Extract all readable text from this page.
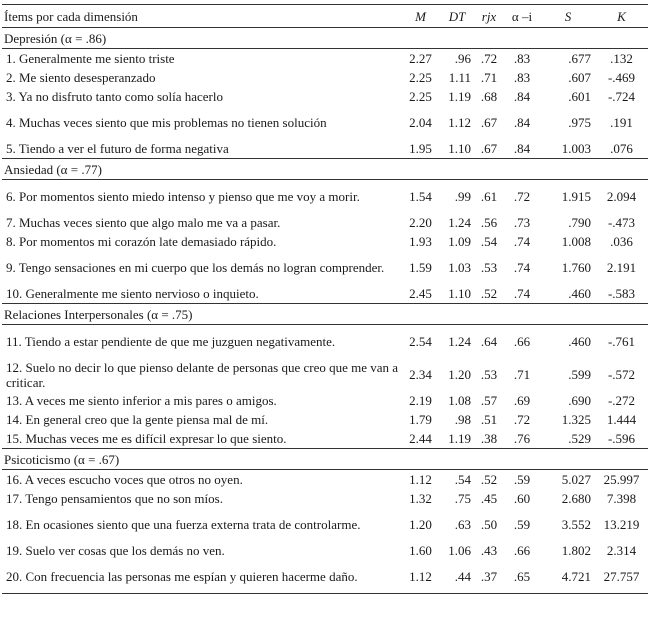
Ítems por cada dimensión	M	DT	rjx	α –i	S	K
Depresión (α = .86)						
1. Generalmente me siento triste	2.27	.96	.72	.83	.677	.132
2. Me siento desesperanzado	2.25	1.11	.71	.83	.607	-.469
3. Ya no disfruto tanto como solía hacerlo	2.25	1.19	.68	.84	.601	-.724
4. Muchas veces siento que mis problemas no tienen solución	2.04	1.12	.67	.84	.975	.191
5. Tiendo a ver el futuro de forma negativa	1.95	1.10	.67	.84	1.003	.076
Ansiedad (α = .77)						
6. Por momentos siento miedo intenso y pienso que me voy a morir.	1.54	.99	.61	.72	1.915	2.094
7. Muchas veces siento que algo malo me va a pasar.	2.20	1.24	.56	.73	.790	-.473
8. Por momentos mi corazón late demasiado rápido.	1.93	1.09	.54	.74	1.008	.036
9. Tengo sensaciones en mi cuerpo que los demás no logran comprender.	1.59	1.03	.53	.74	1.760	2.191
10. Generalmente me siento nervioso o inquieto.	2.45	1.10	.52	.74	.460	-.583
Relaciones Interpersonales (α = .75)						
11. Tiendo a estar pendiente de que me juzguen negativamente.	2.54	1.24	.64	.66	.460	-.761
12. Suelo no decir lo que pienso delante de personas que creo que me van a criticar.	2.34	1.20	.53	.71	.599	-.572
13. A veces me siento inferior a mis pares o amigos.	2.19	1.08	.57	.69	.690	-.272
14. En general creo que la gente piensa mal de mí.	1.79	.98	.51	.72	1.325	1.444
15. Muchas veces me es difícil expresar lo que siento.	2.44	1.19	.38	.76	.529	-.596
Psicoticismo (α = .67)						
16. A veces escucho voces que otros no oyen.	1.12	.54	.52	.59	5.027	25.997
17. Tengo pensamientos que no son míos.	1.32	.75	.45	.60	2.680	7.398
18. En ocasiones siento que una fuerza externa trata de controlarme.	1.20	.63	.50	.59	3.552	13.219
19. Suelo ver cosas que los demás no ven.	1.60	1.06	.43	.66	1.802	2.314
20. Con frecuencia las personas me espían y quieren hacerme daño.	1.12	.44	.37	.65	4.721	27.757
